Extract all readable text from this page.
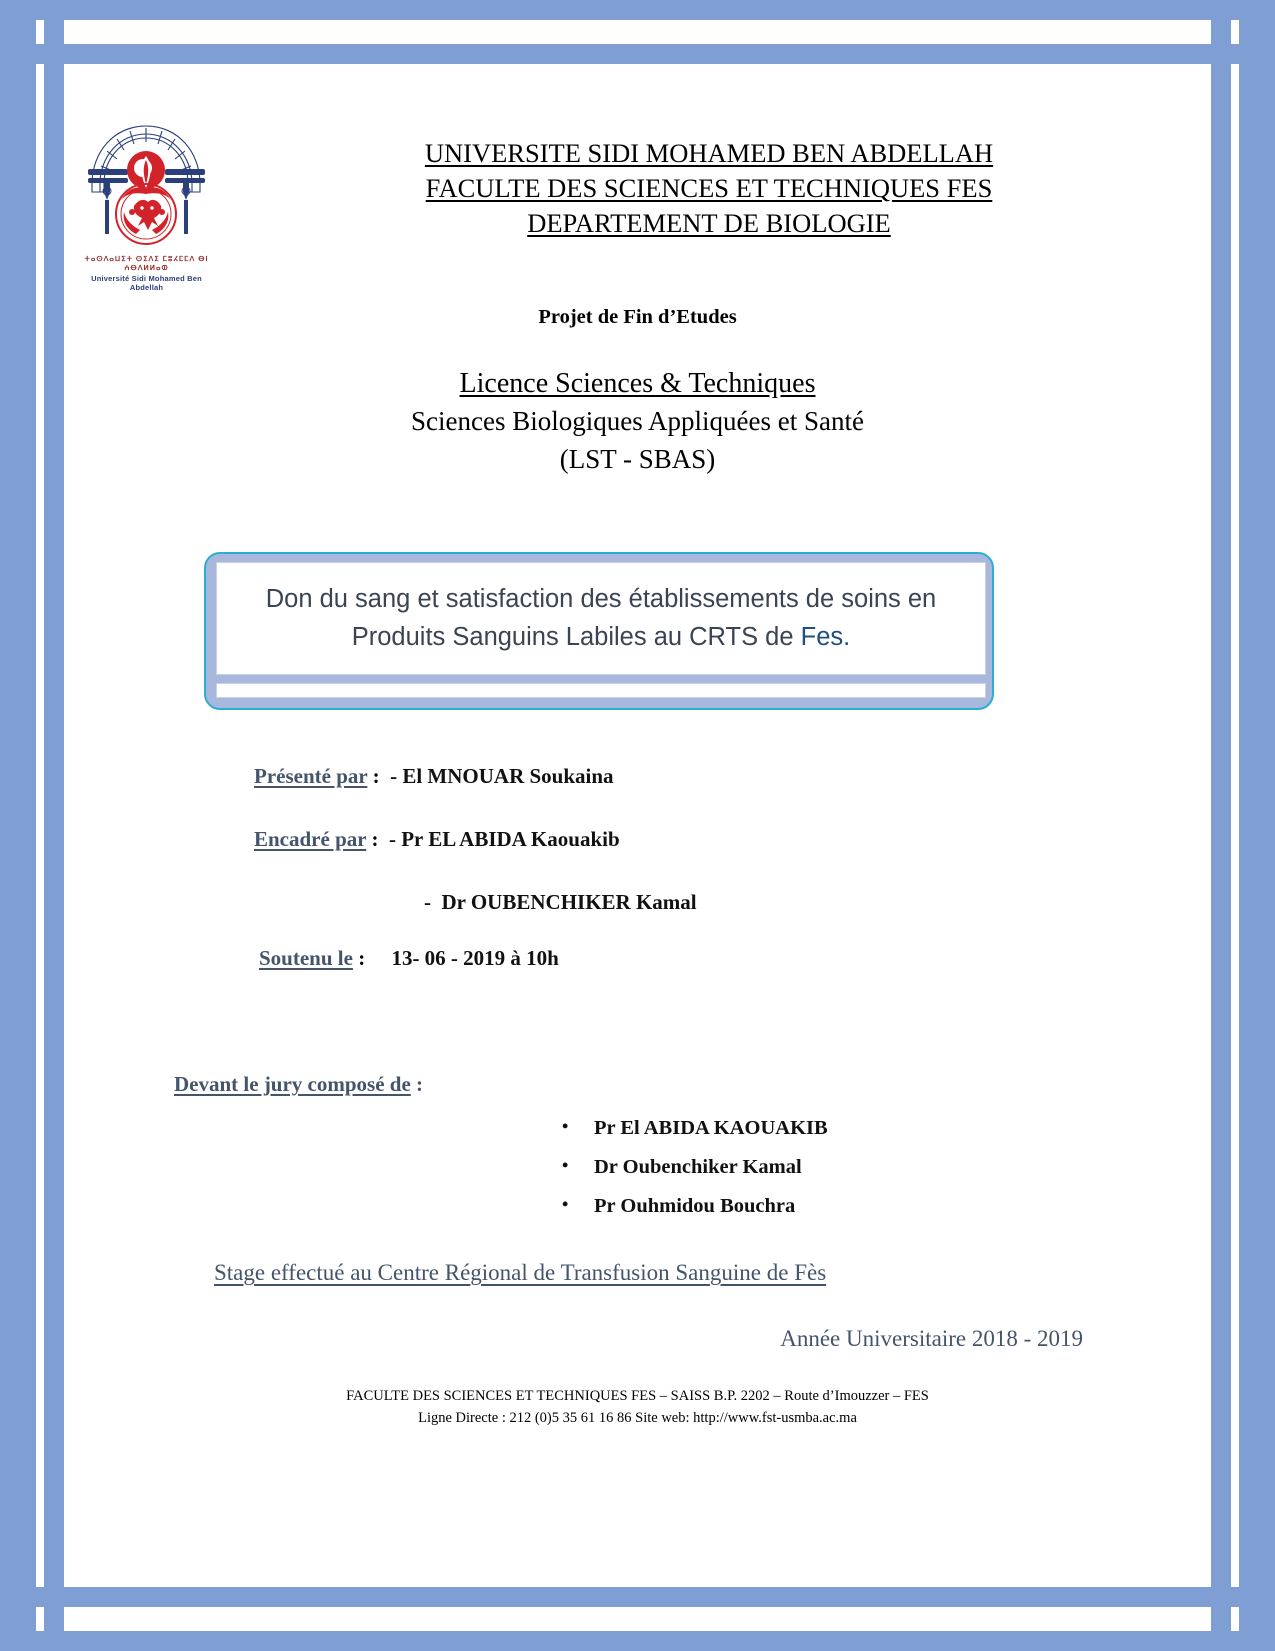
ⵜⴰⵙⴷⴰⵡⵉⵜ ⵙⵉⴷⵉ ⵎⵓⵃⵎⵎⴷ ⴱⵏ ⵄⴱⴷⵍⵍⴰⵀ
Université Sidi Mohamed Ben Abdellah
UNIVERSITE SIDI MOHAMED BEN ABDELLAH
FACULTE DES SCIENCES ET TECHNIQUES FES
DEPARTEMENT DE BIOLOGIE
Projet de Fin d’Etudes
Licence Sciences & Techniques
Sciences Biologiques Appliquées et Santé
(LST - SBAS)
Don du sang et satisfaction des établissements de soins en Produits Sanguins Labiles au CRTS de Fes.
Présenté par :  - El MNOUAR Soukaina
Encadré par :  - Pr EL ABIDA Kaouakib
-  Dr OUBENCHIKER Kamal
Soutenu le :     13- 06 - 2019 à 10h
Devant le jury composé de :
• Pr El ABIDA KAOUAKIB
• Dr Oubenchiker Kamal
• Pr Ouhmidou Bouchra
Stage effectué au Centre Régional de Transfusion Sanguine de Fès
Année Universitaire 2018 - 2019
FACULTE DES SCIENCES ET TECHNIQUES FES – SAISS B.P. 2202 – Route d’Imouzzer – FES
Ligne Directe : 212 (0)5 35 61 16 86 Site web: http://www.fst-usmba.ac.ma
